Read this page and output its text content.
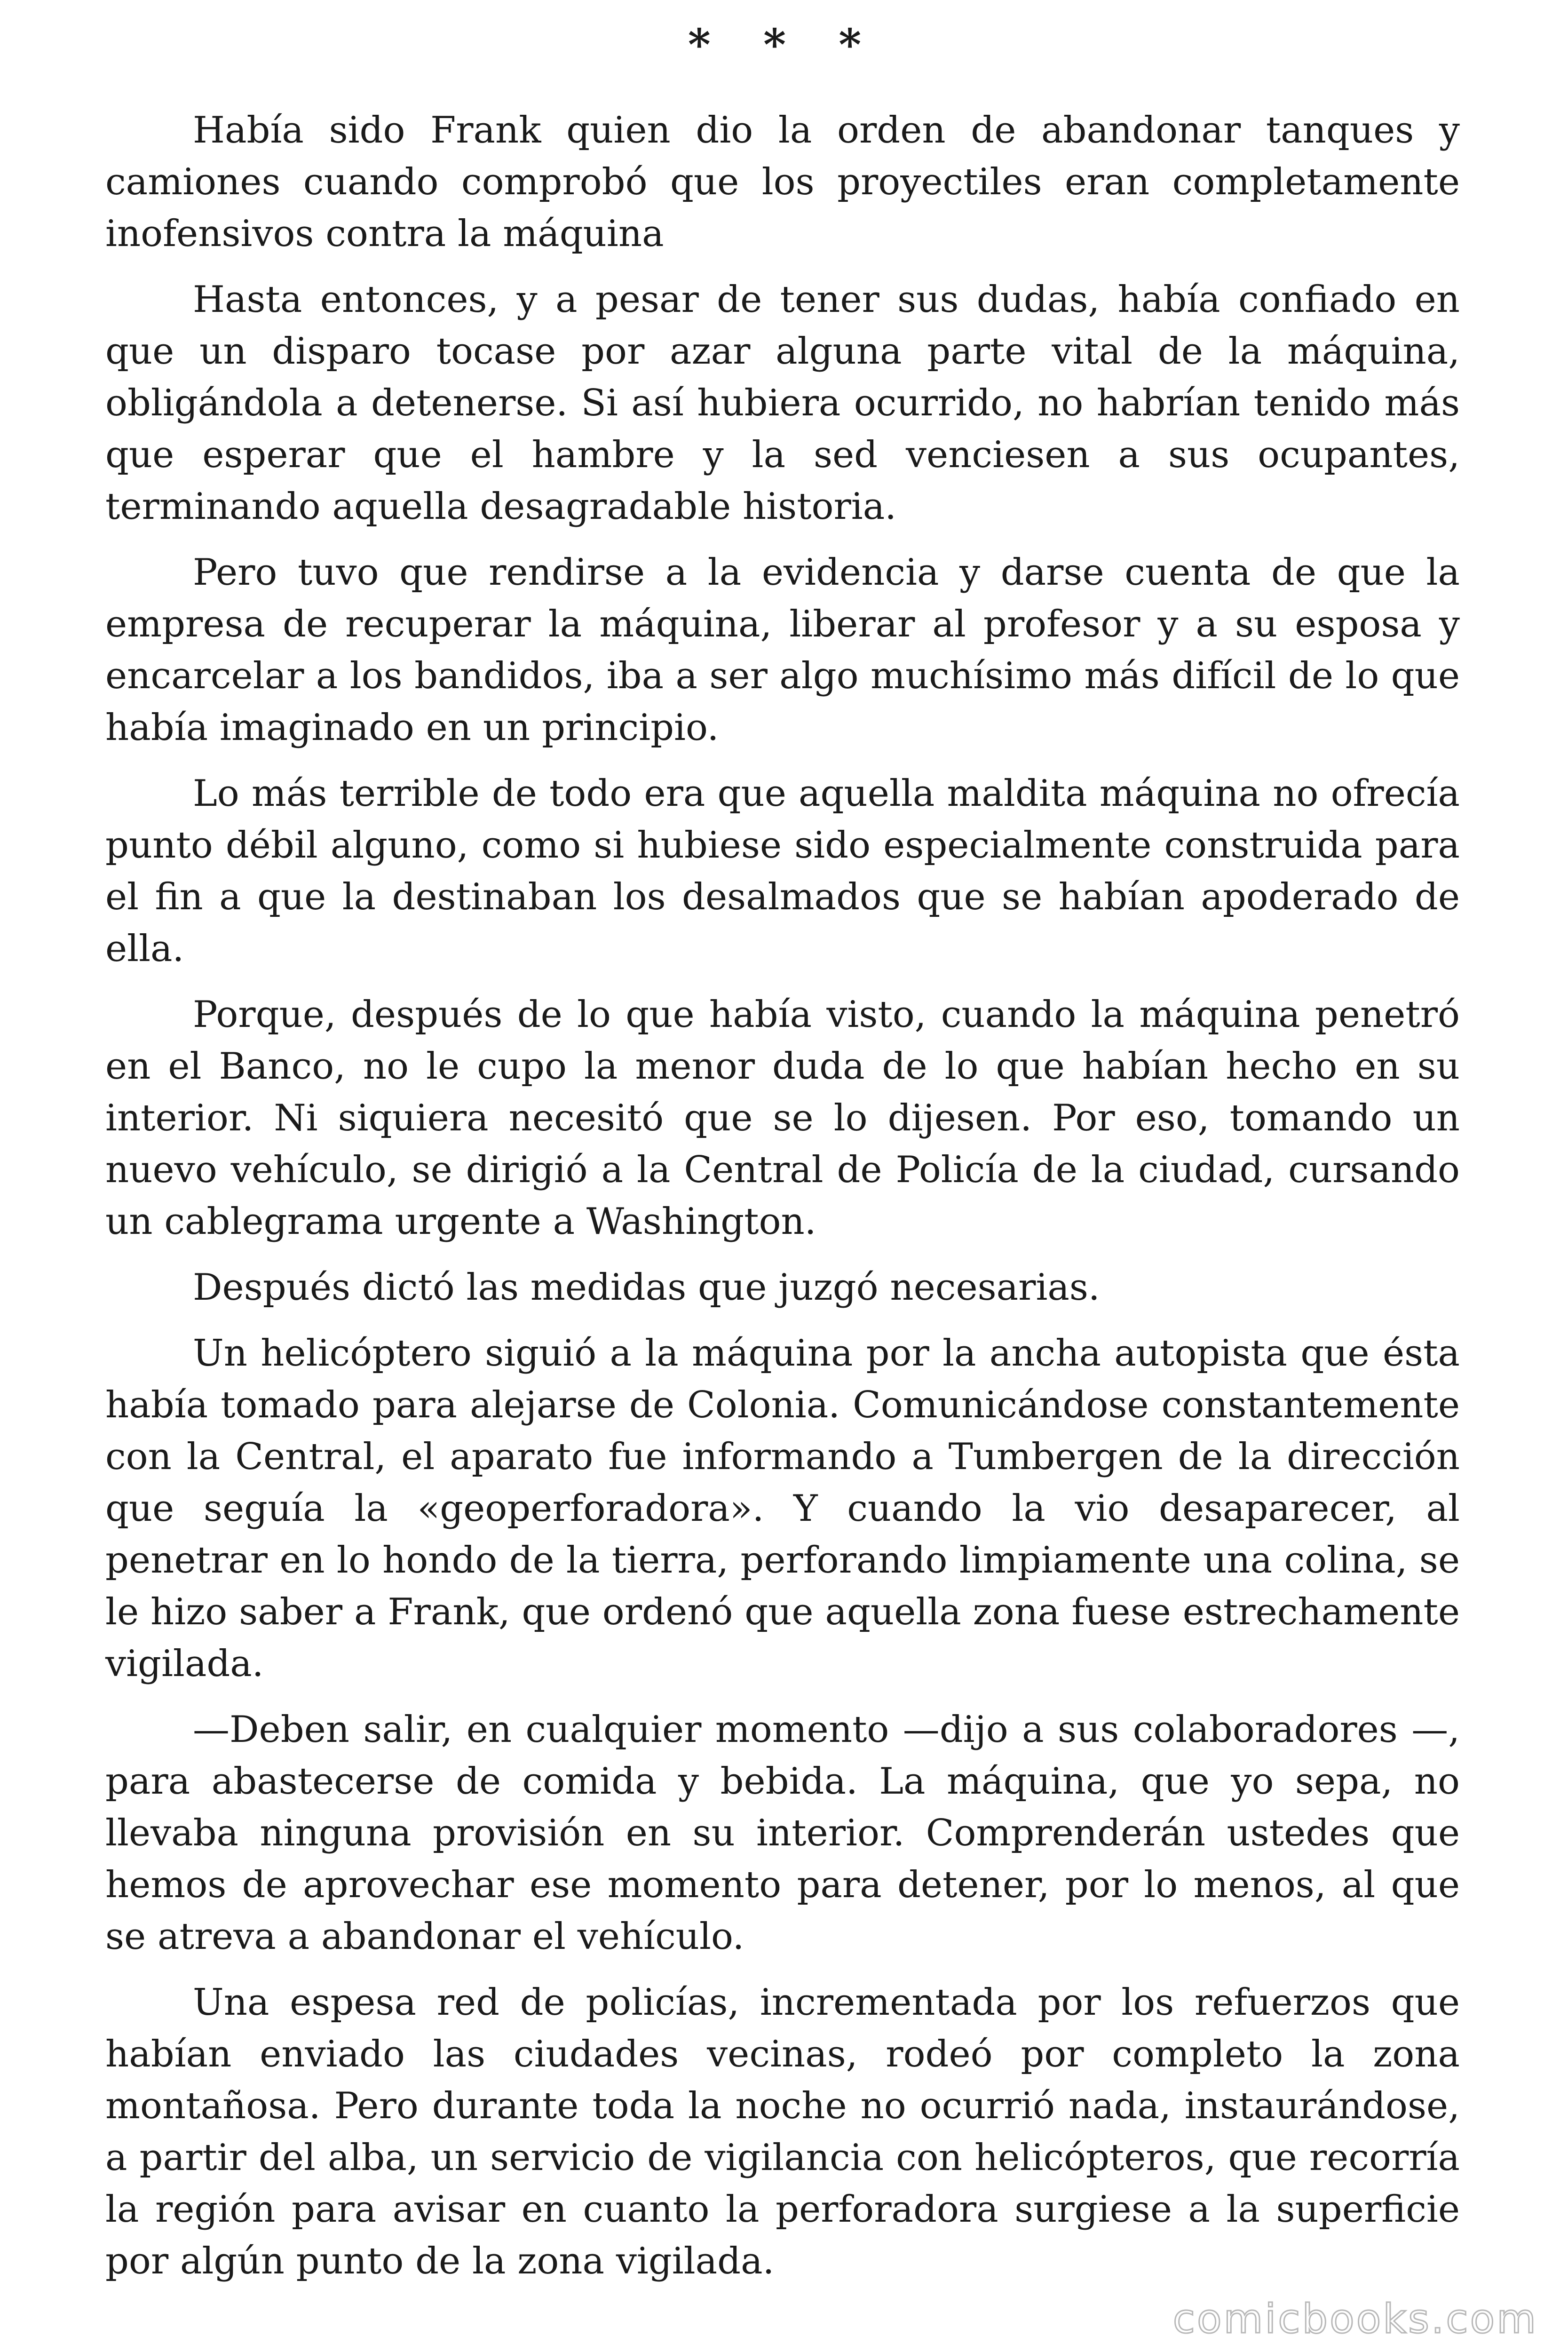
* * *

Había sido Frank quien dio la orden de abandonar tanques y camiones cuando comprobó que los proyectiles eran completamente inofensivos contra la máquina

Hasta entonces, y a pesar de tener sus dudas, había confiado en que un disparo tocase por azar alguna parte vital de la máquina, obligándola a detenerse. Si así hubiera ocurrido, no habrían tenido más que esperar que el hambre y la sed venciesen a sus ocupantes, terminando aquella desagradable historia.

Pero tuvo que rendirse a la evidencia y darse cuenta de que la empresa de recuperar la máquina, liberar al profesor y a su esposa y encarcelar a los bandidos, iba a ser algo muchísimo más difícil de lo que había imaginado en un principio.

Lo más terrible de todo era que aquella maldita máquina no ofrecía punto débil alguno, como si hubiese sido especialmente construida para el fin a que la destinaban los desalmados que se habían apoderado de ella.

Porque, después de lo que había visto, cuando la máquina penetró en el Banco, no le cupo la menor duda de lo que habían hecho en su interior. Ni siquiera necesitó que se lo dijesen. Por eso, tomando un nuevo vehículo, se dirigió a la Central de Policía de la ciudad, cursando un cablegrama urgente a Washington.

Después dictó las medidas que juzgó necesarias.

Un helicóptero siguió a la máquina por la ancha autopista que ésta había tomado para alejarse de Colonia. Comunicándose constantemente con la Central, el aparato fue informando a Tumbergen de la dirección que seguía la «geoperforadora». Y cuando la vio desaparecer, al penetrar en lo hondo de la tierra, perforando limpiamente una colina, se le hizo saber a Frank, que ordenó que aquella zona fuese estrechamente vigilada.

—Deben salir, en cualquier momento —dijo a sus colaboradores —, para abastecerse de comida y bebida. La máquina, que yo sepa, no llevaba ninguna provisión en su interior. Comprenderán ustedes que hemos de aprovechar ese momento para detener, por lo menos, al que se atreva a abandonar el vehículo.

Una espesa red de policías, incrementada por los refuerzos que habían enviado las ciudades vecinas, rodeó por completo la zona montañosa. Pero durante toda la noche no ocurrió nada, instaurándose, a partir del alba, un servicio de vigilancia con helicópteros, que recorría la región para avisar en cuanto la perforadora surgiese a la superficie por algún punto de la zona vigilada.

comicbooks.com
